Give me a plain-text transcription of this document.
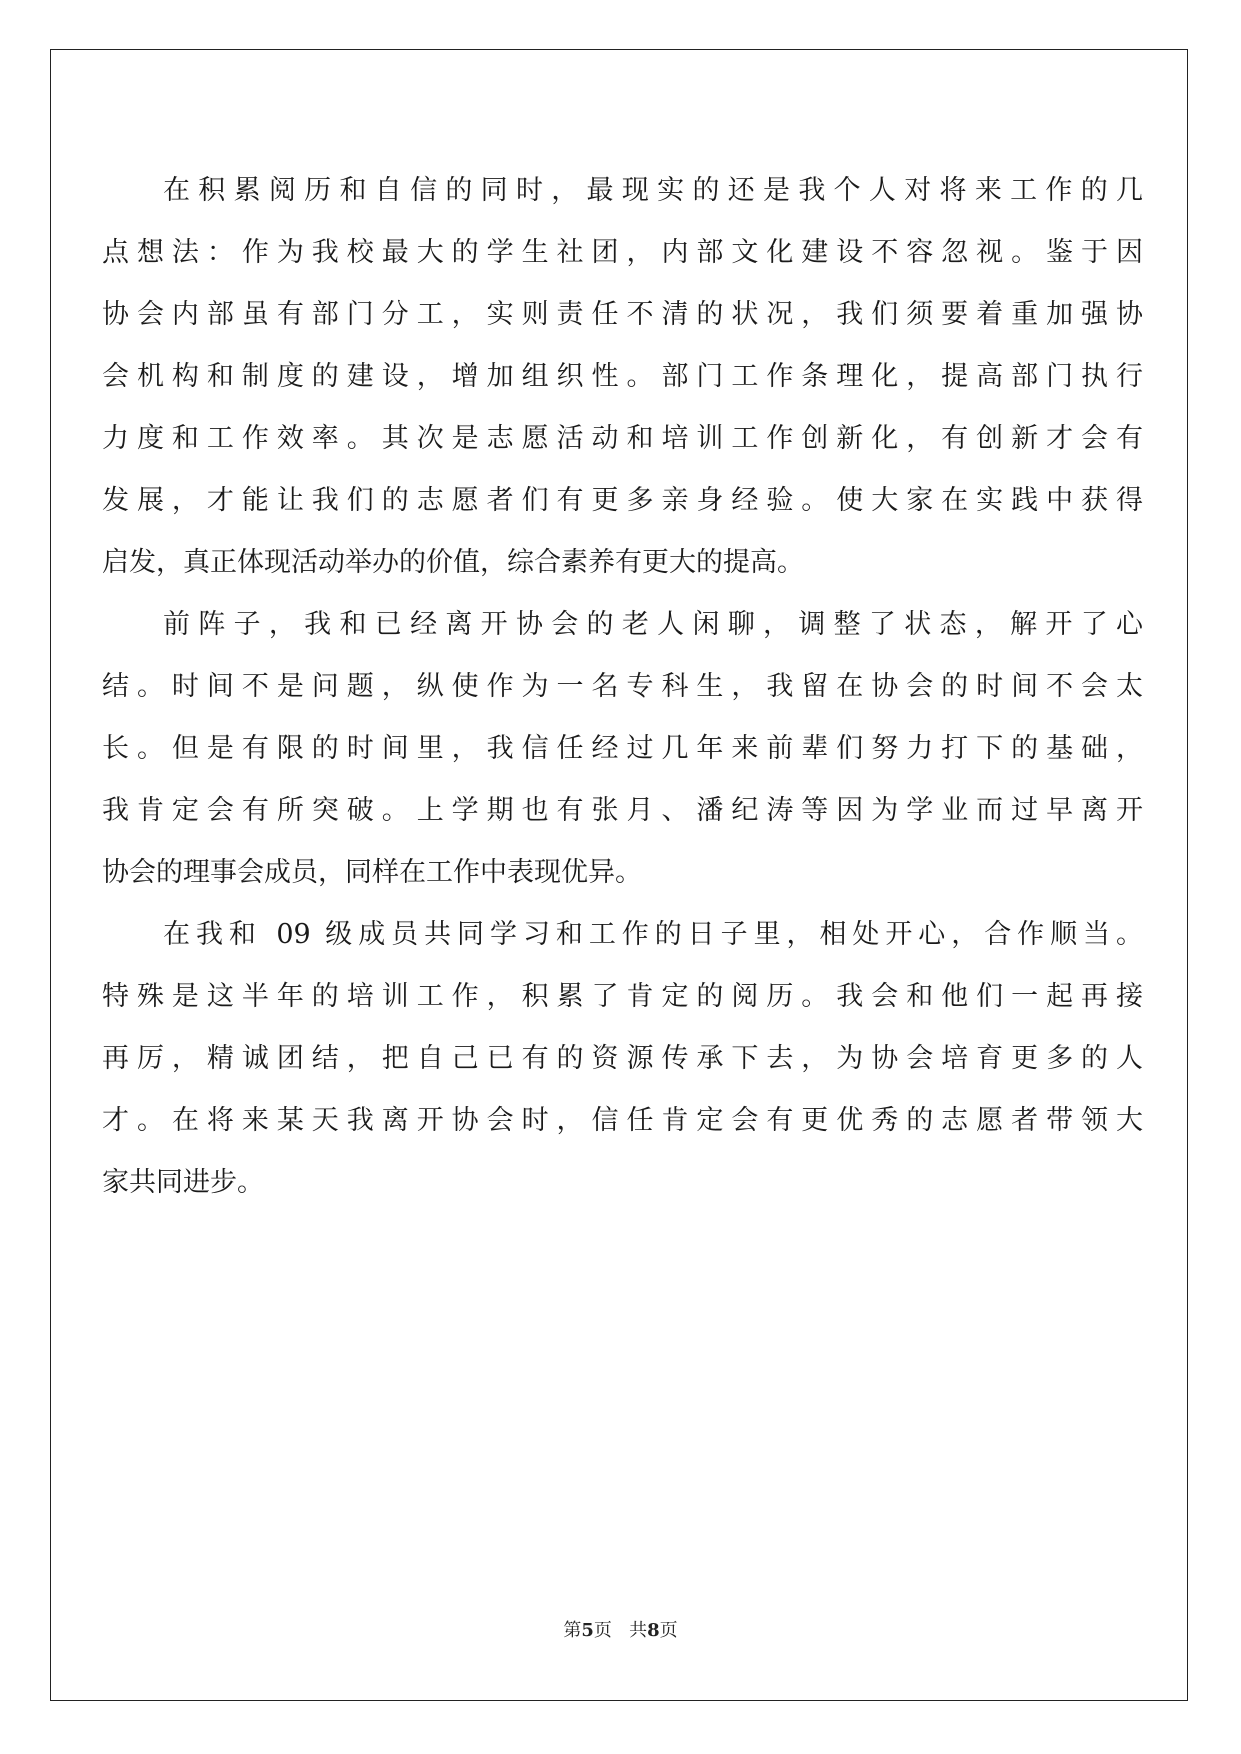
在积累阅历和自信的同时，最现实的还是我个人对将来工作的几
点想法：作为我校最大的学生社团，内部文化建设不容忽视。鉴于因
协会内部虽有部门分工，实则责任不清的状况，我们须要着重加强协
会机构和制度的建设，增加组织性。部门工作条理化，提高部门执行
力度和工作效率。其次是志愿活动和培训工作创新化，有创新才会有
发展，才能让我们的志愿者们有更多亲身经验。使大家在实践中获得
启发，真正体现活动举办的价值，综合素养有更大的提高。
前阵子，我和已经离开协会的老人闲聊，调整了状态，解开了心
结。时间不是问题，纵使作为一名专科生，我留在协会的时间不会太
长。但是有限的时间里，我信任经过几年来前辈们努力打下的基础，
我肯定会有所突破。上学期也有张月、潘纪涛等因为学业而过早离开
协会的理事会成员，同样在工作中表现优异。
在我和 09 级成员共同学习和工作的日子里，相处开心，合作顺当。
特殊是这半年的培训工作，积累了肯定的阅历。我会和他们一起再接
再厉，精诚团结，把自己已有的资源传承下去，为协会培育更多的人
才。在将来某天我离开协会时，信任肯定会有更优秀的志愿者带领大
家共同进步。
第5页 共8页
